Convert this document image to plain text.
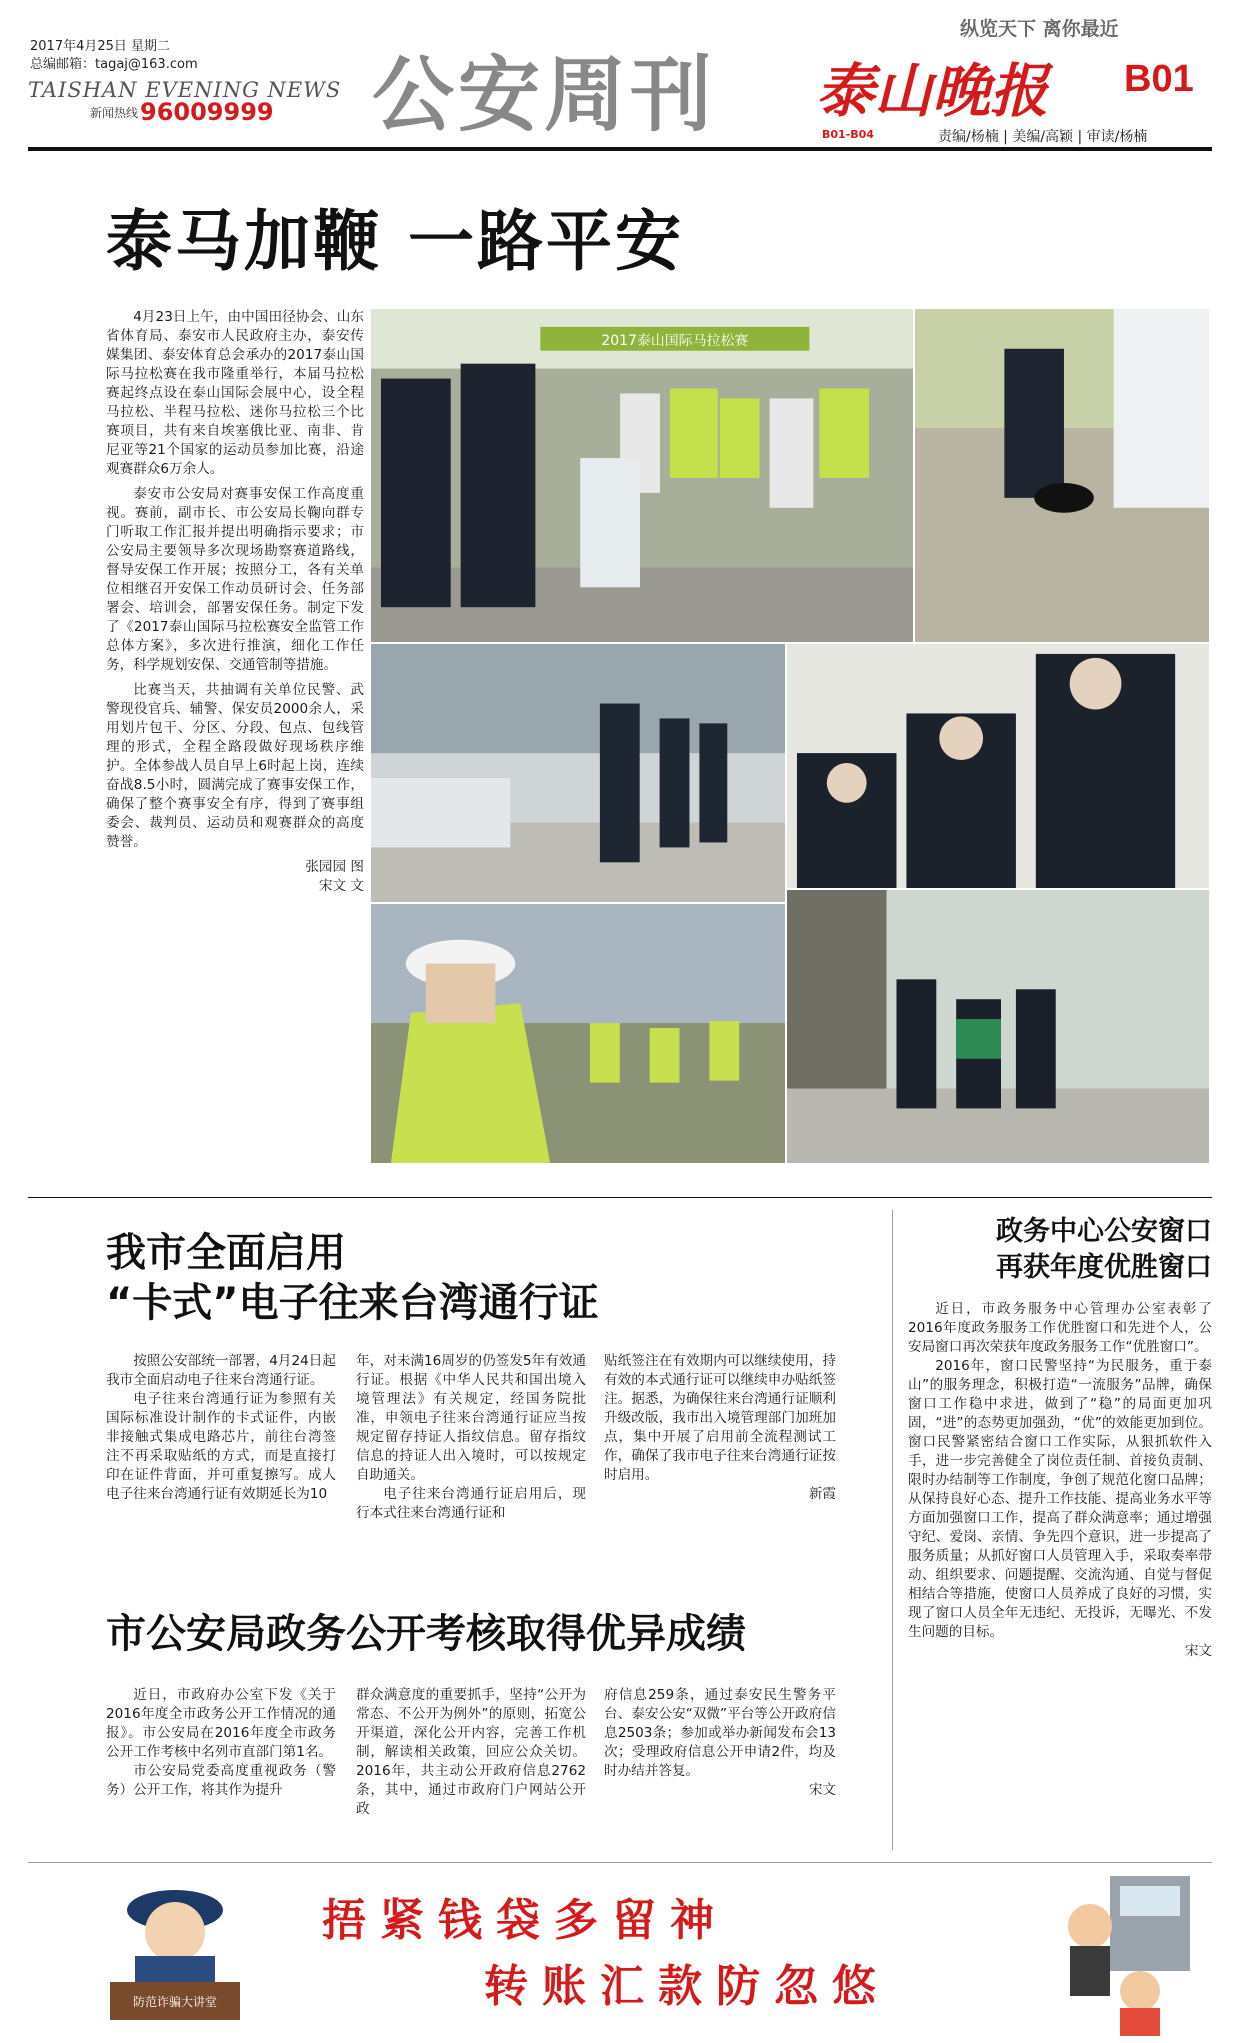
2017年4月25日 星期二
总编邮箱：tagaj@163.com
TAISHAN EVENING NEWS
新闻热线 96009999 公安周刊
纵览天下 离你最近
泰山晚报 B01
B01-B04	责编/杨楠 | 美编/高颖 | 审读/杨楠
泰马加鞭 一路平安

4月23日上午，由中国田径协会、山东省体育局、泰安市人民政府主办，泰安传媒集团、泰安体育总会承办的2017泰山国际马拉松赛在我市隆重举行，本届马拉松赛起终点设在泰山国际会展中心，设全程马拉松、半程马拉松、迷你马拉松三个比赛项目，共有来自埃塞俄比亚、南非、肯尼亚等21个国家的运动员参加比赛，沿途观赛群众6万余人。

泰安市公安局对赛事安保工作高度重视。赛前，副市长、市公安局长鞠向群专门听取工作汇报并提出明确指示要求；市公安局主要领导多次现场勘察赛道路线，督导安保工作开展；按照分工，各有关单位相继召开安保工作动员研讨会、任务部署会、培训会，部署安保任务。制定下发了《2017泰山国际马拉松赛安全监管工作总体方案》，多次进行推演，细化工作任务，科学规划安保、交通管制等措施。

比赛当天，共抽调有关单位民警、武警现役官兵、辅警、保安员2000余人，采用划片包干、分区、分段、包点、包线管理的形式，全程全路段做好现场秩序维护。全体参战人员自早上6时起上岗，连续奋战8.5小时，圆满完成了赛事安保工作，确保了整个赛事安全有序，得到了赛事组委会、裁判员、运动员和观赛群众的高度赞誉。

张园园 图

宋文 文

2017泰山国际马拉松赛
我市全面启用
“卡式”电子往来台湾通行证

按照公安部统一部署，4月24日起我市全面启动电子往来台湾通行证。

电子往来台湾通行证为参照有关国际标准设计制作的卡式证件，内嵌非接触式集成电路芯片，前往台湾签注不再采取贴纸的方式，而是直接打印在证件背面，并可重复擦写。成人电子往来台湾通行证有效期延长为10

年，对未满16周岁的仍签发5年有效通行证。根据《中华人民共和国出境入境管理法》有关规定，经国务院批准，申领电子往来台湾通行证应当按规定留存持证人指纹信息。留存指纹信息的持证人出入境时，可以按规定自助通关。

电子往来台湾通行证启用后，现行本式往来台湾通行证和

贴纸签注在有效期内可以继续使用，持有效的本式通行证可以继续申办贴纸签注。据悉，为确保往来台湾通行证顺利升级改版，我市出入境管理部门加班加点，集中开展了启用前全流程测试工作，确保了我市电子往来台湾通行证按时启用。

新霞

市公安局政务公开考核取得优异成绩

近日，市政府办公室下发《关于2016年度全市政务公开工作情况的通报》。市公安局在2016年度全市政务公开工作考核中名列市直部门第1名。

市公安局党委高度重视政务（警务）公开工作，将其作为提升

群众满意度的重要抓手，坚持“公开为常态、不公开为例外”的原则，拓宽公开渠道，深化公开内容，完善工作机制，解读相关政策，回应公众关切。2016年，共主动公开政府信息2762条，其中，通过市政府门户网站公开政

府信息259条，通过泰安民生警务平台、泰安公安“双微”平台等公开政府信息2503条；参加或举办新闻发布会13次；受理政府信息公开申请2件，均及时办结并答复。

宋文

政务中心公安窗口
再获年度优胜窗口

近日，市政务服务中心管理办公室表彰了2016年度政务服务工作优胜窗口和先进个人，公安局窗口再次荣获年度政务服务工作“优胜窗口”。

2016年，窗口民警坚持“为民服务，重于泰山”的服务理念，积极打造“一流服务”品牌，确保窗口工作稳中求进，做到了“稳”的局面更加巩固，“进”的态势更加强劲，“优”的效能更加到位。窗口民警紧密结合窗口工作实际，从狠抓软件入手，进一步完善健全了岗位责任制、首接负责制、限时办结制等工作制度，争创了规范化窗口品牌；从保持良好心态、提升工作技能、提高业务水平等方面加强窗口工作，提高了群众满意率；通过增强守纪、爱岗、亲情、争先四个意识，进一步提高了服务质量；从抓好窗口人员管理入手，采取奏率带动、组织要求、问题提醒、交流沟通、自觉与督促相结合等措施，使窗口人员养成了良好的习惯，实现了窗口人员全年无违纪、无投诉，无曝光、不发生问题的目标。

宋文

防范诈骗大讲堂
捂紧钱袋多留神
转账汇款防忽悠
